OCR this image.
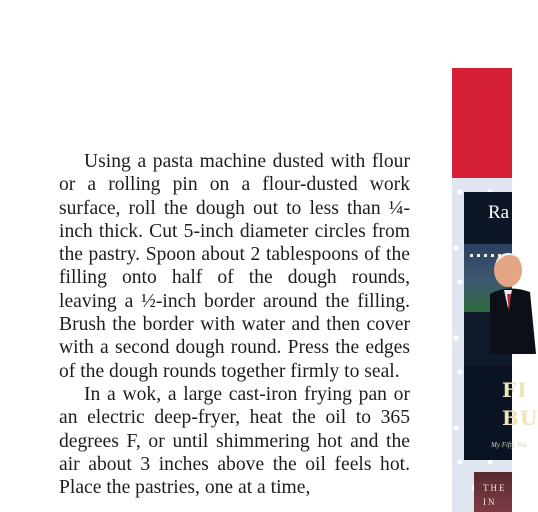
Using a pasta machine dusted with flour or a rolling pin on a flour-dusted work surface, roll the dough out to less than ¼-inch thick. Cut 5-inch diameter circles from the pastry. Spoon about 2 tablespoons of the filling onto half of the dough rounds, leaving a ½-inch border around the filling. Brush the border with water and then cover with a second dough round. Press the edges of the dough rounds together firmly to seal.

In a wok, a large cast-iron frying pan or an electric deep-fryer, heat the oil to 365 degrees F, or until shimmering hot and the air about 3 inches above the oil feels hot. Place the pastries, one at a time,

Ra
FI
BU
My Fifty Yea
THE
IN
